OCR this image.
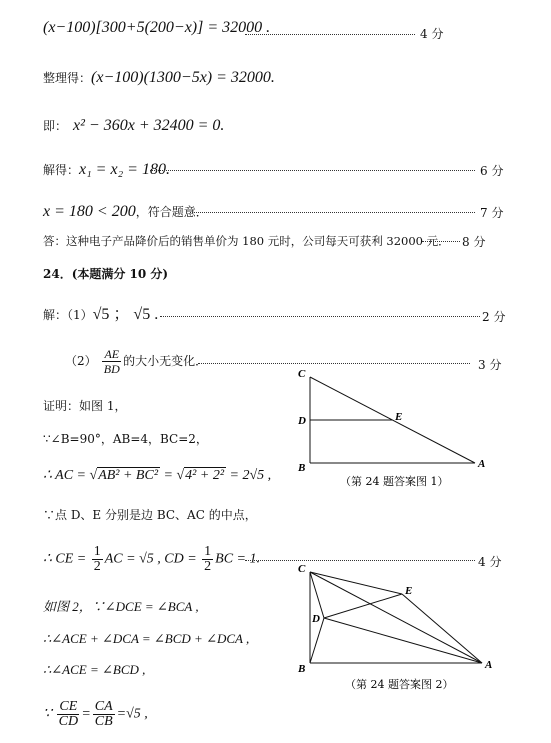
(x−100)[300+5(200−x)] = 32000 .	4 分
整理得：(x−100)(1300−5x) = 32000.
即： x² − 360x + 32400 = 0.
解得：x₁ = x₂ = 180.	6 分
x = 180 < 200，符合题意．	7 分
答：这种电子产品降价后的销售单价为 180 元时，公司每天可获利 32000 元． 8 分
24．(本题满分 10 分)
解：（1）√5 ； √5 .	2 分
$(2) \frac{AE}{BD}$ 的大小无变化．	3 分
证明：如图 1，
∵∠B=90°，AB=4，BC=2，
∴ AC = √AB² + BC² = √4² + 2² = 2√5 ,
∵点 D、E 分别是边 BC、AC 的中点，
∴ CE = $\frac{1}{2}$ AC = √5 , CD = $\frac{1}{2}$ BC = 1.	4 分
如图 2，∵∠DCE = ∠BCA ,
∴∠ACE + ∠DCA = ∠BCD + ∠DCA ,
∴∠ACE = ∠BCD ,
∵ $\frac{CE}{CD} = \frac{CA}{CB} =√5$ ,
C
D	E
B	A
（第 24 题答案图 1）
C
D
E
B	A
（第 24 题答案图 2）
